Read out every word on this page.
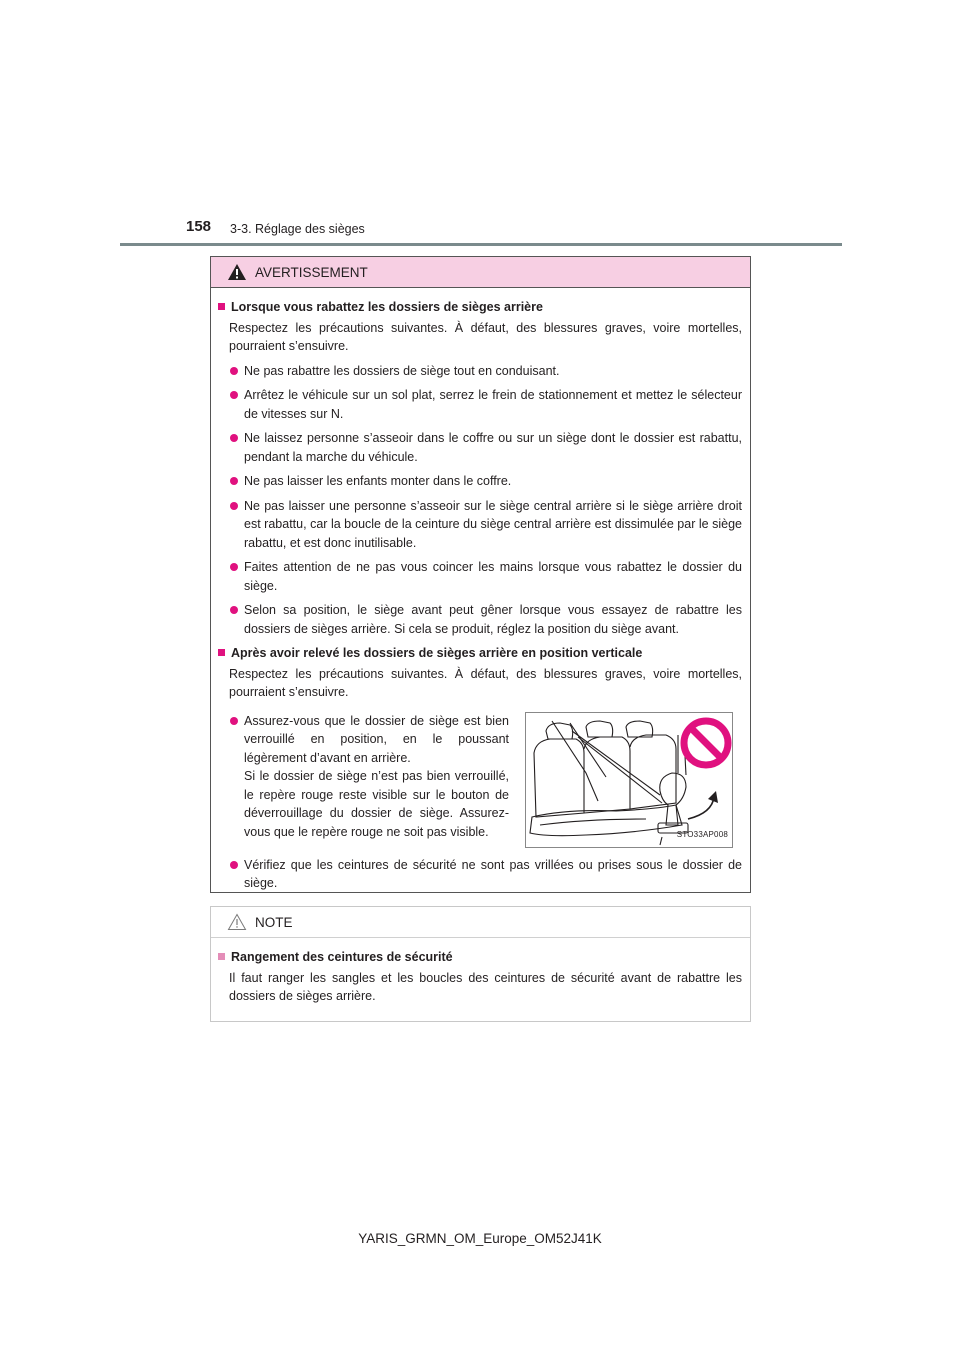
158 3-3. Réglage des sièges
AVERTISSEMENT
Lorsque vous rabattez les dossiers de sièges arrière
Respectez les précautions suivantes. À défaut, des blessures graves, voire mortelles, pourraient s’ensuivre.
Ne pas rabattre les dossiers de siège tout en conduisant.
Arrêtez le véhicule sur un sol plat, serrez le frein de stationnement et mettez le sélecteur de vitesses sur N.
Ne laissez personne s’asseoir dans le coffre ou sur un siège dont le dossier est rabattu, pendant la marche du véhicule.
Ne pas laisser les enfants monter dans le coffre.
Ne pas laisser une personne s’asseoir sur le siège central arrière si le siège arrière droit est rabattu, car la boucle de la ceinture du siège central arrière est dissimulée par le siège rabattu, et est donc inutilisable.
Faites attention de ne pas vous coincer les mains lorsque vous rabattez le dossier du siège.
Selon sa position, le siège avant peut gêner lorsque vous essayez de rabattre les dossiers de sièges arrière. Si cela se produit, réglez la position du siège avant.
Après avoir relevé les dossiers de sièges arrière en position verticale
Respectez les précautions suivantes. À défaut, des blessures graves, voire mortelles, pourraient s’ensuivre.
Assurez-vous que le dossier de siège est bien verrouillé en position, en le poussant légèrement d’avant en arrière.
Si le dossier de siège n’est pas bien verrouillé, le repère rouge reste visible sur le bouton de déverrouillage du dossier de siège. Assurez-vous que le repère rouge ne soit pas visible.	STO33AP008
Vérifiez que les ceintures de sécurité ne sont pas vrillées ou prises sous le dossier de siège.
NOTE
Rangement des ceintures de sécurité
Il faut ranger les sangles et les boucles des ceintures de sécurité avant de rabattre les dossiers de sièges arrière.
YARIS_GRMN_OM_Europe_OM52J41K
